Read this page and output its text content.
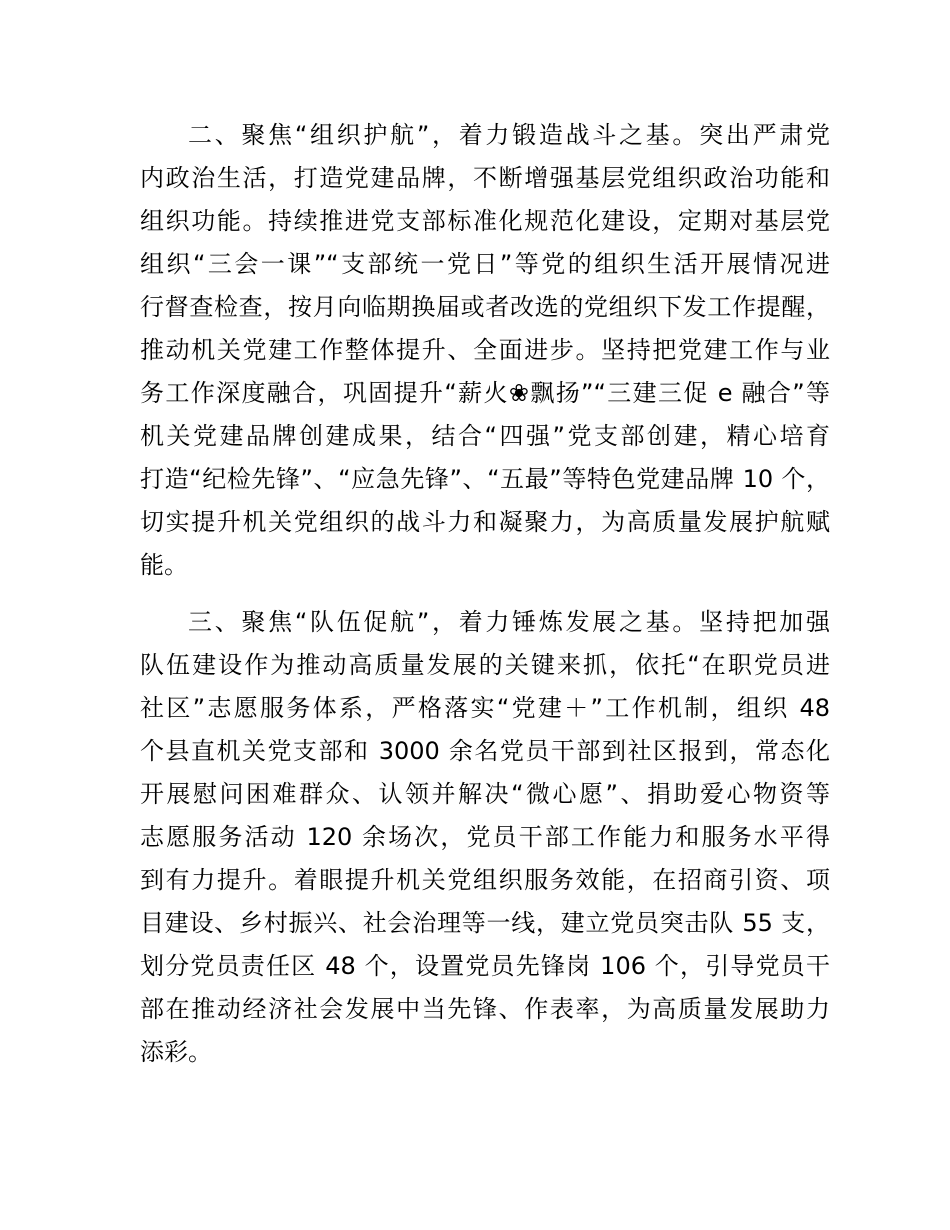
二、聚焦“组织护航”，着力锻造战斗之基。突出严肃党
内政治生活，打造党建品牌，不断增强基层党组织政治功能和
组织功能。持续推进党支部标准化规范化建设，定期对基层党
组织“三会一课”“支部统一党日”等党的组织生活开展情况进
行督查检查，按月向临期换届或者改选的党组织下发工作提醒，
推动机关党建工作整体提升、全面进步。坚持把党建工作与业
务工作深度融合，巩固提升“薪火❀飘扬”“三建三促 e 融合”等
机关党建品牌创建成果，结合“四强”党支部创建，精心培育
打造“纪检先锋”、“应急先锋”、“五最”等特色党建品牌 10 个，
切实提升机关党组织的战斗力和凝聚力，为高质量发展护航赋
能。
三、聚焦“队伍促航”，着力锤炼发展之基。坚持把加强
队伍建设作为推动高质量发展的关键来抓，依托“在职党员进
社区”志愿服务体系，严格落实“党建＋”工作机制，组织 48
个县直机关党支部和 3000 余名党员干部到社区报到，常态化
开展慰问困难群众、认领并解决“微心愿”、捐助爱心物资等
志愿服务活动 120 余场次，党员干部工作能力和服务水平得
到有力提升。着眼提升机关党组织服务效能，在招商引资、项
目建设、乡村振兴、社会治理等一线，建立党员突击队 55 支，
划分党员责任区 48 个，设置党员先锋岗 106 个，引导党员干
部在推动经济社会发展中当先锋、作表率，为高质量发展助力
添彩。
